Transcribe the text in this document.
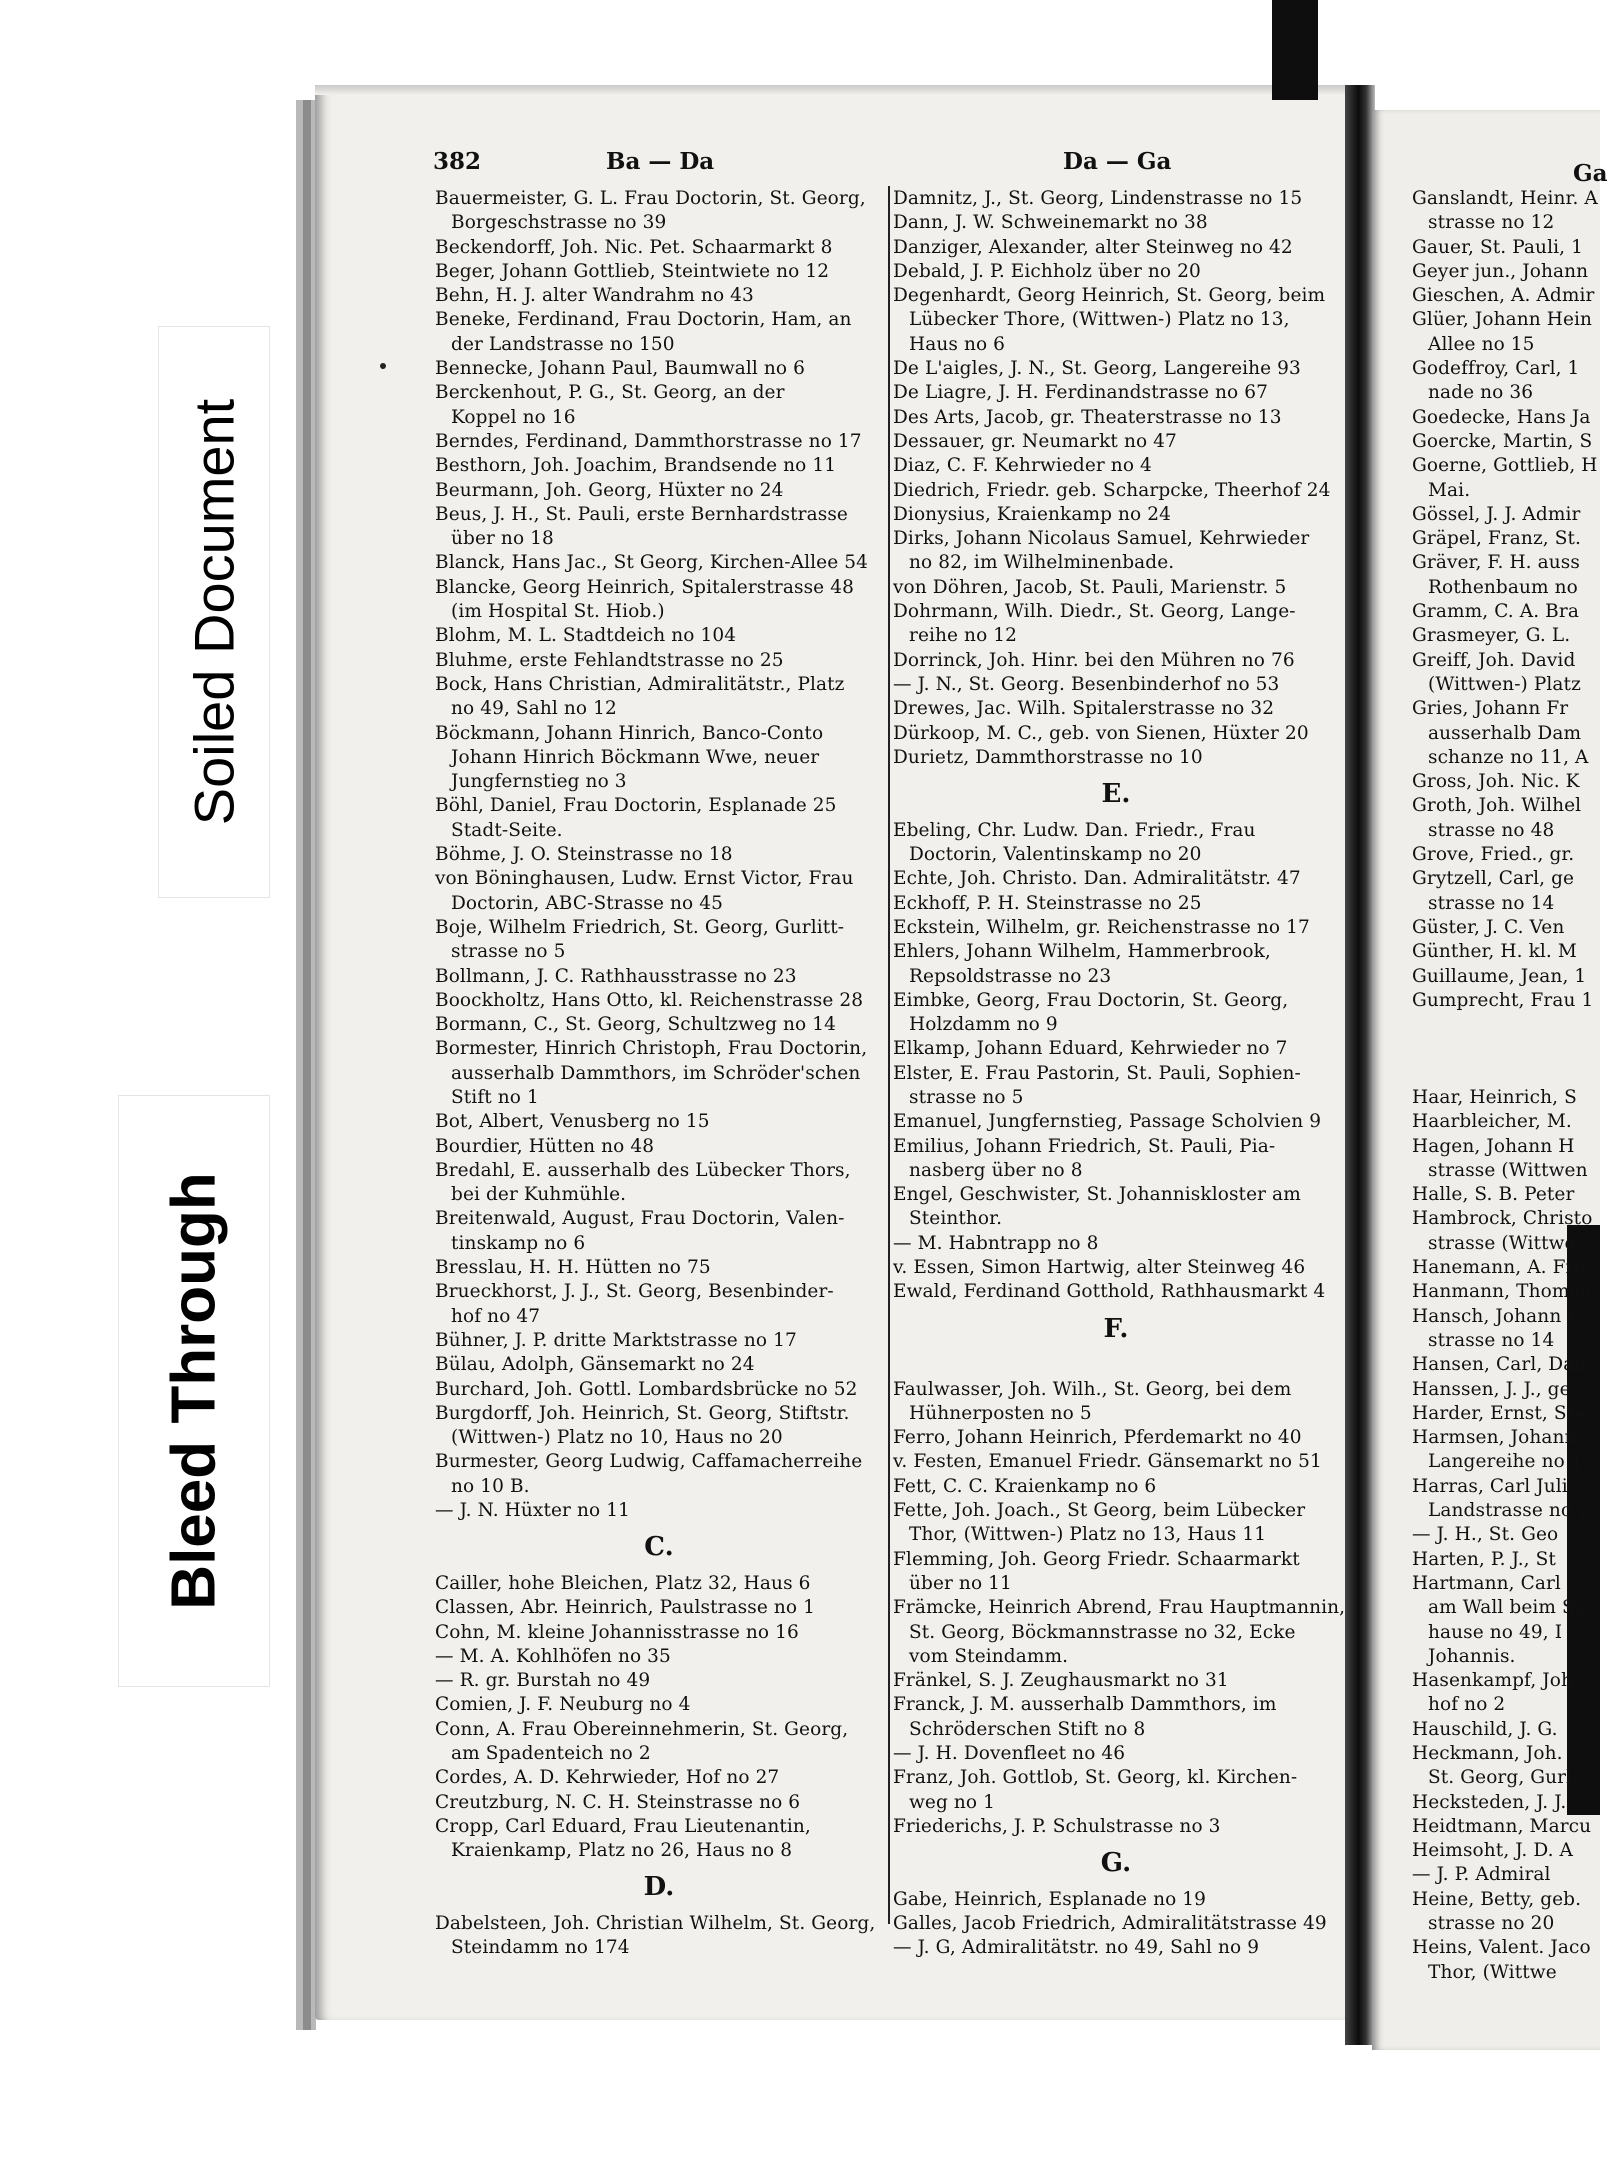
Soiled Document
Bleed Through
382	Ba — Da	Da — Ga	Ga
Bauermeister, G. L. Frau Doctorin, St. Georg,
Borgeschstrasse no 39
Beckendorff, Joh. Nic. Pet. Schaarmarkt 8
Beger, Johann Gottlieb, Steintwiete no 12
Behn, H. J. alter Wandrahm no 43
Beneke, Ferdinand, Frau Doctorin, Ham, an
der Landstrasse no 150
Bennecke, Johann Paul, Baumwall no 6
Berckenhout, P. G., St. Georg, an der
Koppel no 16
Berndes, Ferdinand, Dammthorstrasse no 17
Besthorn, Joh. Joachim, Brandsende no 11
Beurmann, Joh. Georg, Hüxter no 24
Beus, J. H., St. Pauli, erste Bernhardstrasse
über no 18
Blanck, Hans Jac., St Georg, Kirchen-Allee 54
Blancke, Georg Heinrich, Spitalerstrasse 48
(im Hospital St. Hiob.)
Blohm, M. L. Stadtdeich no 104
Bluhme, erste Fehlandtstrasse no 25
Bock, Hans Christian, Admiralitätstr., Platz
no 49, Sahl no 12
Böckmann, Johann Hinrich, Banco-Conto
Johann Hinrich Böckmann Wwe, neuer
Jungfernstieg no 3
Böhl, Daniel, Frau Doctorin, Esplanade 25
Stadt-Seite.
Böhme, J. O. Steinstrasse no 18
von Böninghausen, Ludw. Ernst Victor, Frau
Doctorin, ABC-Strasse no 45
Boje, Wilhelm Friedrich, St. Georg, Gurlitt-
strasse no 5
Bollmann, J. C. Rathhausstrasse no 23
Boockholtz, Hans Otto, kl. Reichenstrasse 28
Bormann, C., St. Georg, Schultzweg no 14
Bormester, Hinrich Christoph, Frau Doctorin,
ausserhalb Dammthors, im Schröder'schen
Stift no 1
Bot, Albert, Venusberg no 15
Bourdier, Hütten no 48
Bredahl, E. ausserhalb des Lübecker Thors,
bei der Kuhmühle.
Breitenwald, August, Frau Doctorin, Valen-
tinskamp no 6
Bresslau, H. H. Hütten no 75
Brueckhorst, J. J., St. Georg, Besenbinder-
hof no 47
Bühner, J. P. dritte Marktstrasse no 17
Bülau, Adolph, Gänsemarkt no 24
Burchard, Joh. Gottl. Lombardsbrücke no 52
Burgdorff, Joh. Heinrich, St. Georg, Stiftstr.
(Wittwen-) Platz no 10, Haus no 20
Burmester, Georg Ludwig, Caffamacherreihe
no 10 B.
— J. N. Hüxter no 11
C.
Cailler, hohe Bleichen, Platz 32, Haus 6
Classen, Abr. Heinrich, Paulstrasse no 1
Cohn, M. kleine Johannisstrasse no 16
— M. A. Kohlhöfen no 35
— R. gr. Burstah no 49
Comien, J. F. Neuburg no 4
Conn, A. Frau Obereinnehmerin, St. Georg,
am Spadenteich no 2
Cordes, A. D. Kehrwieder, Hof no 27
Creutzburg, N. C. H. Steinstrasse no 6
Cropp, Carl Eduard, Frau Lieutenantin,
Kraienkamp, Platz no 26, Haus no 8
D.
Dabelsteen, Joh. Christian Wilhelm, St. Georg,
Steindamm no 174
Damnitz, J., St. Georg, Lindenstrasse no 15
Dann, J. W. Schweinemarkt no 38
Danziger, Alexander, alter Steinweg no 42
Debald, J. P. Eichholz über no 20
Degenhardt, Georg Heinrich, St. Georg, beim
Lübecker Thore, (Wittwen-) Platz no 13,
Haus no 6
De L'aigles, J. N., St. Georg, Langereihe 93
De Liagre, J. H. Ferdinandstrasse no 67
Des Arts, Jacob, gr. Theaterstrasse no 13
Dessauer, gr. Neumarkt no 47
Diaz, C. F. Kehrwieder no 4
Diedrich, Friedr. geb. Scharpcke, Theerhof 24
Dionysius, Kraienkamp no 24
Dirks, Johann Nicolaus Samuel, Kehrwieder
no 82, im Wilhelminenbade.
von Döhren, Jacob, St. Pauli, Marienstr. 5
Dohrmann, Wilh. Diedr., St. Georg, Lange-
reihe no 12
Dorrinck, Joh. Hinr. bei den Mühren no 76
— J. N., St. Georg. Besenbinderhof no 53
Drewes, Jac. Wilh. Spitalerstrasse no 32
Dürkoop, M. C., geb. von Sienen, Hüxter 20
Durietz, Dammthorstrasse no 10
E.
Ebeling, Chr. Ludw. Dan. Friedr., Frau
Doctorin, Valentinskamp no 20
Echte, Joh. Christo. Dan. Admiralitätstr. 47
Eckhoff, P. H. Steinstrasse no 25
Eckstein, Wilhelm, gr. Reichenstrasse no 17
Ehlers, Johann Wilhelm, Hammerbrook,
Repsoldstrasse no 23
Eimbke, Georg, Frau Doctorin, St. Georg,
Holzdamm no 9
Elkamp, Johann Eduard, Kehrwieder no 7
Elster, E. Frau Pastorin, St. Pauli, Sophien-
strasse no 5
Emanuel, Jungfernstieg, Passage Scholvien 9
Emilius, Johann Friedrich, St. Pauli, Pia-
nasberg über no 8
Engel, Geschwister, St. Johanniskloster am
Steinthor.
— M. Habntrapp no 8
v. Essen, Simon Hartwig, alter Steinweg 46
Ewald, Ferdinand Gotthold, Rathhausmarkt 4
F.
Faulwasser, Joh. Wilh., St. Georg, bei dem
Hühnerposten no 5
Ferro, Johann Heinrich, Pferdemarkt no 40
v. Festen, Emanuel Friedr. Gänsemarkt no 51
Fett, C. C. Kraienkamp no 6
Fette, Joh. Joach., St Georg, beim Lübecker
Thor, (Wittwen-) Platz no 13, Haus 11
Flemming, Joh. Georg Friedr. Schaarmarkt
über no 11
Främcke, Heinrich Abrend, Frau Hauptmannin,
St. Georg, Böckmannstrasse no 32, Ecke
vom Steindamm.
Fränkel, S. J. Zeughausmarkt no 31
Franck, J. M. ausserhalb Dammthors, im
Schröderschen Stift no 8
— J. H. Dovenfleet no 46
Franz, Joh. Gottlob, St. Georg, kl. Kirchen-
weg no 1
Friederichs, J. P. Schulstrasse no 3
G.
Gabe, Heinrich, Esplanade no 19
Galles, Jacob Friedrich, Admiralitätstrasse 49
— J. G, Admiralitätstr. no 49, Sahl no 9
Ganslandt, Heinr. A
strasse no 12
Gauer, St. Pauli, 1
Geyer jun., Johann
Gieschen, A. Admir
Glüer, Johann Hein
Allee no 15
Godeffroy, Carl, 1
nade no 36
Goedecke, Hans Ja
Goercke, Martin, S
Goerne, Gottlieb, H
Mai.
Gössel, J. J. Admir
Gräpel, Franz, St.
Gräver, F. H. auss
Rothenbaum no
Gramm, C. A. Bra
Grasmeyer, G. L.
Greiff, Joh. David
(Wittwen-) Platz
Gries, Johann Fr
ausserhalb Dam
schanze no 11, A
Gross, Joh. Nic. K
Groth, Joh. Wilhel
strasse no 48
Grove, Fried., gr.
Grytzell, Carl, ge
strasse no 14
Güster, J. C. Ven
Günther, H. kl. M
Guillaume, Jean, 1
Gumprecht, Frau 1
Haar, Heinrich, S
Haarbleicher, M.
Hagen, Johann H
strasse (Wittwen
Halle, S. B. Peter
Hambrock, Christo
strasse (Wittwe
Hanemann, A. Fra
Hanmann, Thomas
Hansch, Johann C
strasse no 14
Hansen, Carl, Dan
Hanssen, J. J., ge
Harder, Ernst, Ste
Harmsen, Johann
Langereihe no 1
Harras, Carl Juli
Landstrasse no 2
— J. H., St. Geo
Harten, P. J., St
Hartmann, Carl
am Wall beim Sc
hause no 49, I
Johannis.
Hasenkampf, Joh.
hof no 2
Hauschild, J. G.
Heckmann, Joh.
St. Georg, Gurl
Hecksteden, J. J.
Heidtmann, Marcu
Heimsoht, J. D. A
— J. P. Admiral
Heine, Betty, geb.
strasse no 20
Heins, Valent. Jaco
Thor, (Wittwe
